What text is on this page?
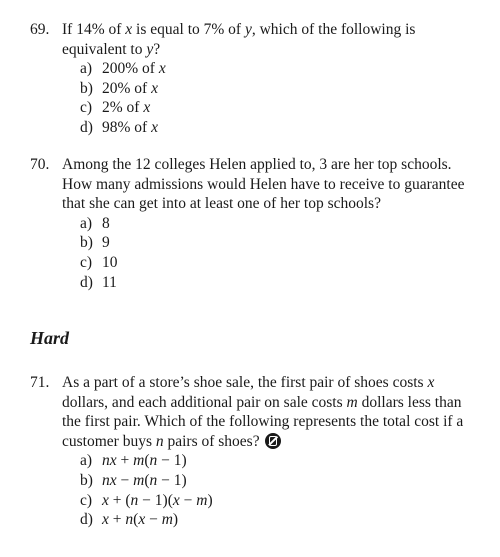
69. If 14% of x is equal to 7% of y, which of the following is equivalent to y?
a) 200% of x
b) 20% of x
c) 2% of x
d) 98% of x
70. Among the 12 colleges Helen applied to, 3 are her top schools. How many admissions would Helen have to receive to guarantee that she can get into at least one of her top schools?
a) 8
b) 9
c) 10
d) 11
Hard
71. As a part of a store’s shoe sale, the first pair of shoes costs x dollars, and each additional pair on sale costs m dollars less than the first pair. Which of the following represents the total cost if a customer buys n pairs of shoes?
a) nx + m(n − 1)
b) nx − m(n − 1)
c) x + (n − 1)(x − m)
d) x + n(x − m)
